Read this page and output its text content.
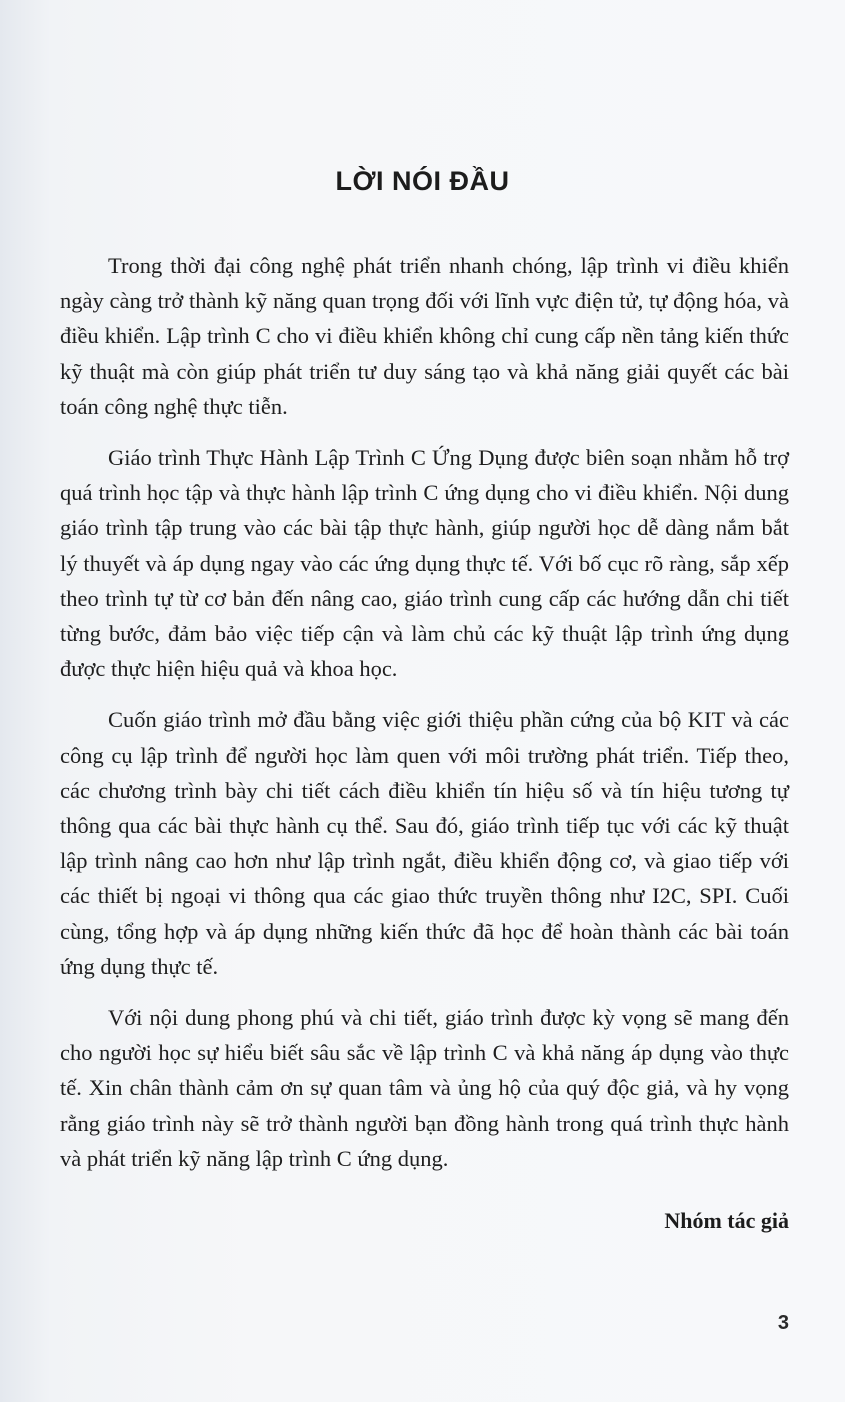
LỜI NÓI ĐẦU

Trong thời đại công nghệ phát triển nhanh chóng, lập trình vi điều khiển ngày càng trở thành kỹ năng quan trọng đối với lĩnh vực điện tử, tự động hóa, và điều khiển. Lập trình C cho vi điều khiển không chỉ cung cấp nền tảng kiến thức kỹ thuật mà còn giúp phát triển tư duy sáng tạo và khả năng giải quyết các bài toán công nghệ thực tiễn.

Giáo trình Thực Hành Lập Trình C Ứng Dụng được biên soạn nhằm hỗ trợ quá trình học tập và thực hành lập trình C ứng dụng cho vi điều khiển. Nội dung giáo trình tập trung vào các bài tập thực hành, giúp người học dễ dàng nắm bắt lý thuyết và áp dụng ngay vào các ứng dụng thực tế. Với bố cục rõ ràng, sắp xếp theo trình tự từ cơ bản đến nâng cao, giáo trình cung cấp các hướng dẫn chi tiết từng bước, đảm bảo việc tiếp cận và làm chủ các kỹ thuật lập trình ứng dụng được thực hiện hiệu quả và khoa học.

Cuốn giáo trình mở đầu bằng việc giới thiệu phần cứng của bộ KIT và các công cụ lập trình để người học làm quen với môi trường phát triển. Tiếp theo, các chương trình bày chi tiết cách điều khiển tín hiệu số và tín hiệu tương tự thông qua các bài thực hành cụ thể. Sau đó, giáo trình tiếp tục với các kỹ thuật lập trình nâng cao hơn như lập trình ngắt, điều khiển động cơ, và giao tiếp với các thiết bị ngoại vi thông qua các giao thức truyền thông như I2C, SPI. Cuối cùng, tổng hợp và áp dụng những kiến thức đã học để hoàn thành các bài toán ứng dụng thực tế.

Với nội dung phong phú và chi tiết, giáo trình được kỳ vọng sẽ mang đến cho người học sự hiểu biết sâu sắc về lập trình C và khả năng áp dụng vào thực tế. Xin chân thành cảm ơn sự quan tâm và ủng hộ của quý độc giả, và hy vọng rằng giáo trình này sẽ trở thành người bạn đồng hành trong quá trình thực hành và phát triển kỹ năng lập trình C ứng dụng.

Nhóm tác giả
3
